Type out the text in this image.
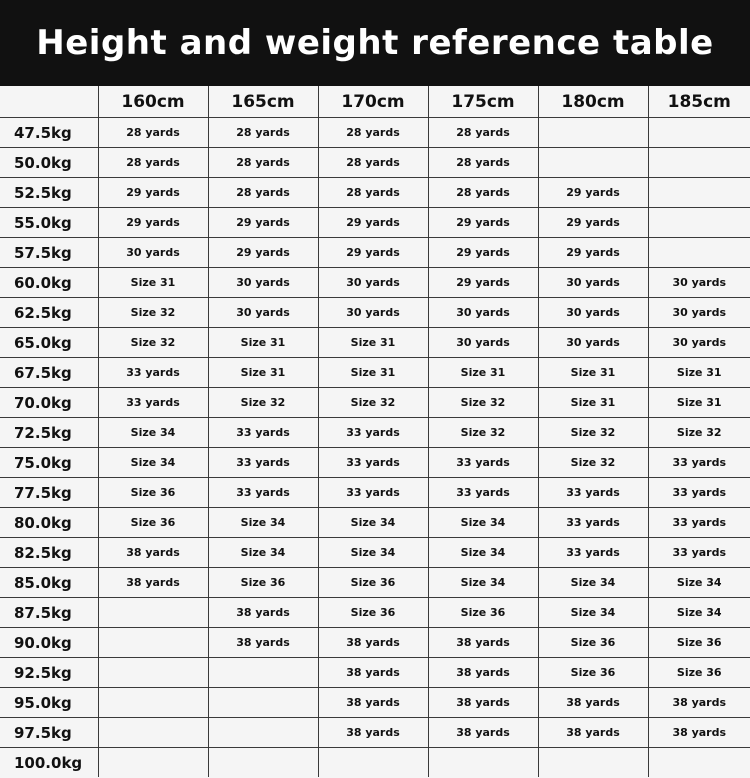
Height and weight reference table
	160cm	165cm	170cm	175cm	180cm	185cm
47.5kg	28 yards	28 yards	28 yards	28 yards		
50.0kg	28 yards	28 yards	28 yards	28 yards		
52.5kg	29 yards	28 yards	28 yards	28 yards	29 yards	
55.0kg	29 yards	29 yards	29 yards	29 yards	29 yards	
57.5kg	30 yards	29 yards	29 yards	29 yards	29 yards	
60.0kg	Size 31	30 yards	30 yards	29 yards	30 yards	30 yards
62.5kg	Size 32	30 yards	30 yards	30 yards	30 yards	30 yards
65.0kg	Size 32	Size 31	Size 31	30 yards	30 yards	30 yards
67.5kg	33 yards	Size 31	Size 31	Size 31	Size 31	Size 31
70.0kg	33 yards	Size 32	Size 32	Size 32	Size 31	Size 31
72.5kg	Size 34	33 yards	33 yards	Size 32	Size 32	Size 32
75.0kg	Size 34	33 yards	33 yards	33 yards	Size 32	33 yards
77.5kg	Size 36	33 yards	33 yards	33 yards	33 yards	33 yards
80.0kg	Size 36	Size 34	Size 34	Size 34	33 yards	33 yards
82.5kg	38 yards	Size 34	Size 34	Size 34	33 yards	33 yards
85.0kg	38 yards	Size 36	Size 36	Size 34	Size 34	Size 34
87.5kg		38 yards	Size 36	Size 36	Size 34	Size 34
90.0kg		38 yards	38 yards	38 yards	Size 36	Size 36
92.5kg			38 yards	38 yards	Size 36	Size 36
95.0kg			38 yards	38 yards	38 yards	38 yards
97.5kg			38 yards	38 yards	38 yards	38 yards
100.0kg						
